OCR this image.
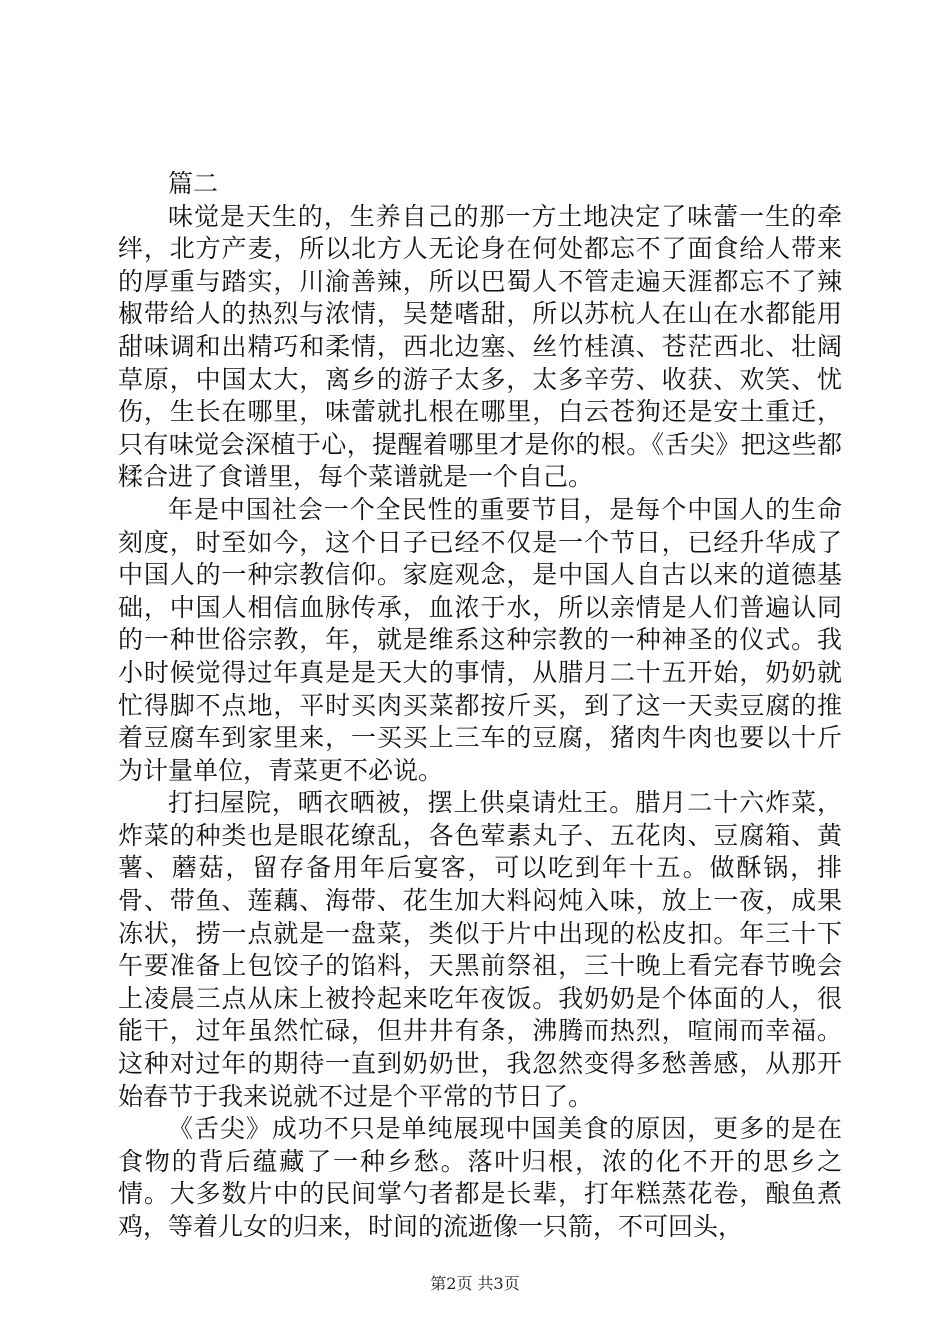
篇二

味觉是天生的，生养自己的那一方土地决定了味蕾一生的牵绊，北方产麦，所以北方人无论身在何处都忘不了面食给人带来的厚重与踏实，川渝善辣，所以巴蜀人不管走遍天涯都忘不了辣椒带给人的热烈与浓情，吴楚嗜甜，所以苏杭人在山在水都能用甜味调和出精巧和柔情，西北边塞、丝竹桂滇、苍茫西北、壮阔草原，中国太大，离乡的游子太多，太多辛劳、收获、欢笑、忧伤，生长在哪里，味蕾就扎根在哪里，白云苍狗还是安土重迁，只有味觉会深植于心，提醒着哪里才是你的根。《舌尖》把这些都糅合进了食谱里，每个菜谱就是一个自己。

年是中国社会一个全民性的重要节目，是每个中国人的生命刻度，时至如今，这个日子已经不仅是一个节日，已经升华成了中国人的一种宗教信仰。家庭观念，是中国人自古以来的道德基础，中国人相信血脉传承，血浓于水，所以亲情是人们普遍认同的一种世俗宗教，年，就是维系这种宗教的一种神圣的仪式。我小时候觉得过年真是是天大的事情，从腊月二十五开始，奶奶就忙得脚不点地，平时买肉买菜都按斤买，到了这一天卖豆腐的推着豆腐车到家里来，一买买上三车的豆腐，猪肉牛肉也要以十斤为计量单位，青菜更不必说。

打扫屋院，晒衣晒被，摆上供桌请灶王。腊月二十六炸菜，炸菜的种类也是眼花缭乱，各色荤素丸子、五花肉、豆腐箱、黄薯、蘑菇，留存备用年后宴客，可以吃到年十五。做酥锅，排骨、带鱼、莲藕、海带、花生加大料闷炖入味，放上一夜，成果冻状，捞一点就是一盘菜，类似于片中出现的松皮扣。年三十下午要准备上包饺子的馅料，天黑前祭祖，三十晚上看完春节晚会上凌晨三点从床上被拎起来吃年夜饭。我奶奶是个体面的人，很能干，过年虽然忙碌，但井井有条，沸腾而热烈，喧闹而幸福。这种对过年的期待一直到奶奶世，我忽然变得多愁善感，从那开始春节于我来说就不过是个平常的节日了。

《舌尖》成功不只是单纯展现中国美食的原因，更多的是在食物的背后蕴藏了一种乡愁。落叶归根，浓的化不开的思乡之情。大多数片中的民间掌勺者都是长辈，打年糕蒸花卷，酿鱼煮鸡，等着儿女的归来，时间的流逝像一只箭，不可回头，

第2页 共3页
